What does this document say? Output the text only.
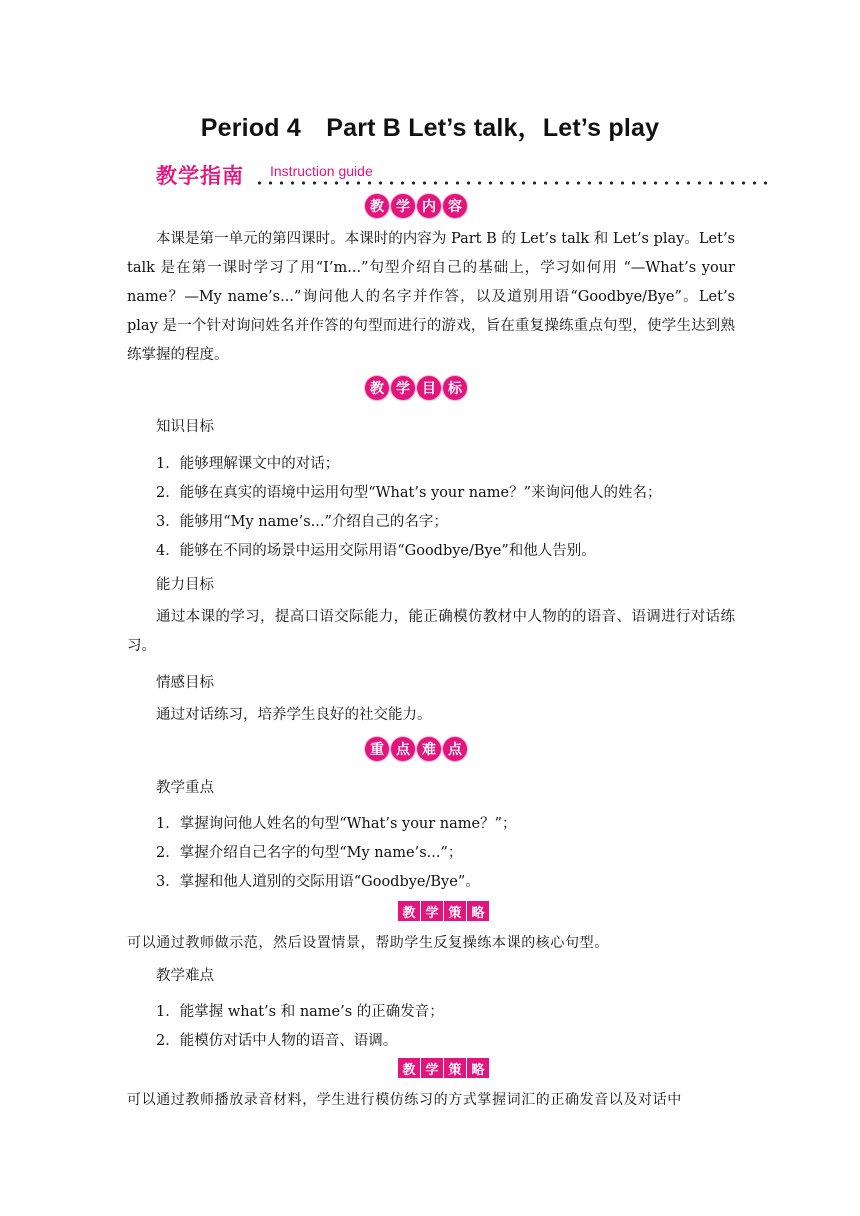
Period 4　Part B Let’s talk，Let’s play
教学指南 Instruction guide
教 学 内 容

本课是第一单元的第四课时。本课时的内容为 Part B 的 Let’s talk 和 Let’s play。Let’s talk 是在第一课时学习了用“I’m...”句型介绍自己的基础上，学习如何用 “—What’s your name？—My name’s...”询问他人的名字并作答，以及道别用语“Goodbye/Bye”。Let’s play 是一个针对询问姓名并作答的句型而进行的游戏，旨在重复操练重点句型，使学生达到熟练掌握的程度。

教 学 目 标
知识目标
1．能够理解课文中的对话；
2．能够在真实的语境中运用句型“What’s your name？”来询问他人的姓名；
3．能够用“My name’s...”介绍自己的名字；
4．能够在不同的场景中运用交际用语“Goodbye/Bye”和他人告别。
能力目标

通过本课的学习，提高口语交际能力，能正确模仿教材中人物的的语音、语调进行对话练习。

情感目标

通过对话练习，培养学生良好的社交能力。

重 点 难 点
教学重点
1．掌握询问他人姓名的句型“What’s your name？”；
2．掌握介绍自己名字的句型“My name’s...”；
3．掌握和他人道别的交际用语“Goodbye/Bye”。
教 学 策 略
可以通过教师做示范，然后设置情景，帮助学生反复操练本课的核心句型。
教学难点
1．能掌握 what’s 和 name’s 的正确发音；
2．能模仿对话中人物的语音、语调。
教 学 策 略
可以通过教师播放录音材料，学生进行模仿练习的方式掌握词汇的正确发音以及对话中
